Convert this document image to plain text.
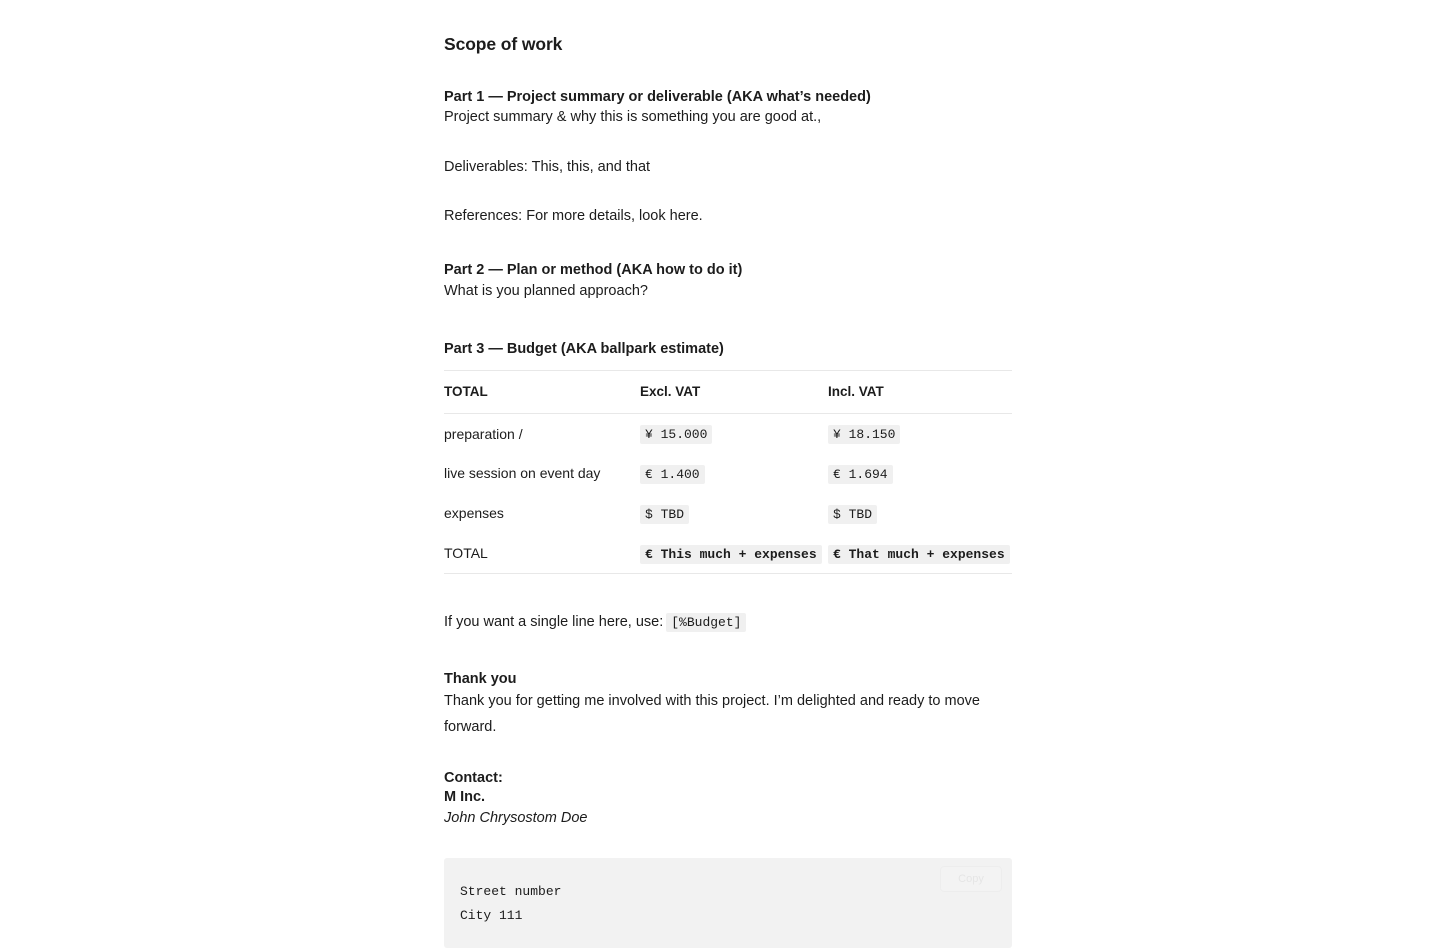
Scope of work
Part 1 — Project summary or deliverable (AKA what’s needed)

Project summary & why this is something you are good at.,

Deliverables: This, this, and that

References: For more details, look here.

Part 2 — Plan or method (AKA how to do it)

What is you planned approach?

Part 3 — Budget (AKA ballpark estimate)
TOTAL	Excl. VAT	Incl. VAT
preparation /	¥ 15.000	¥ 18.150
live session on event day	€ 1.400	€ 1.694
expenses	$ TBD	$ TBD
TOTAL	€ This much + expenses	€ That much + expenses

If you want a single line here, use: [%Budget]

Thank you

Thank you for getting me involved with this project. I’m delighted and ready to move forward.

Contact:
M Inc.

John Chrysostom Doe

Copy
Street number
City 111
